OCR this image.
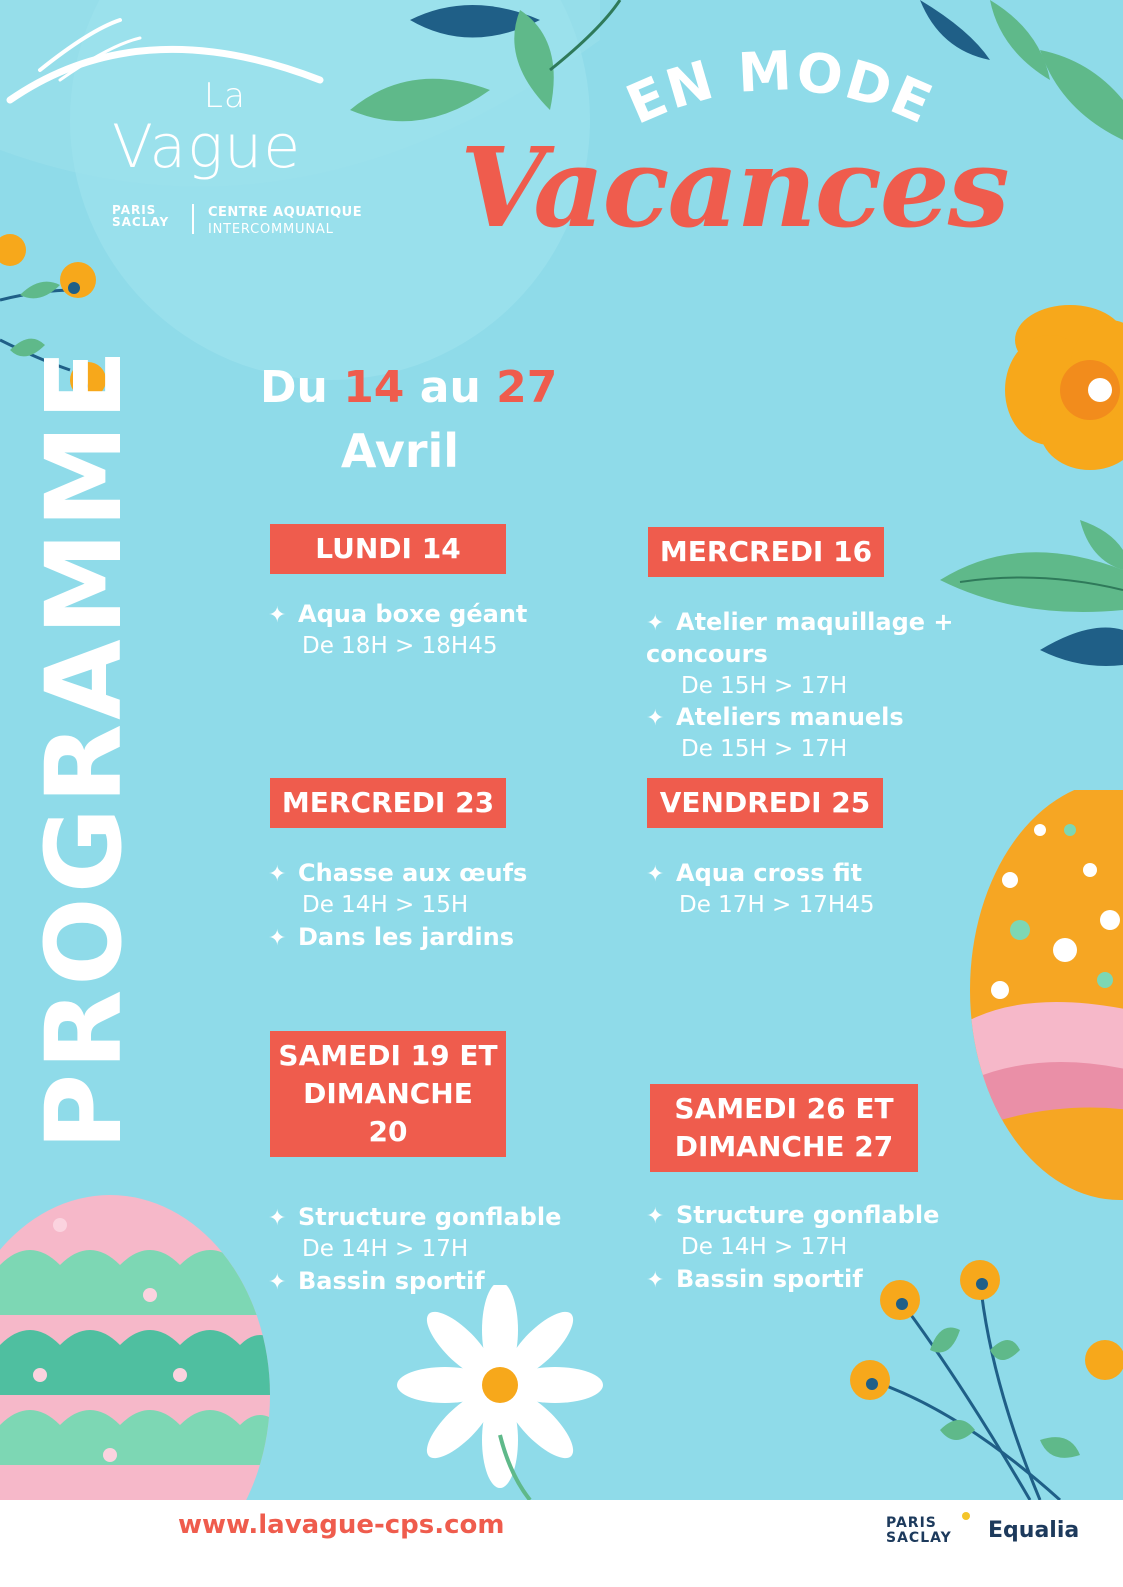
La
Vague
PARIS
SACLAY
CENTRE AQUATIQUE
INTERCOMMUNAL
EN MODE
Vacances
Du 14 au 27
Avril
PROGRAMME	LUNDI 14
✦ Aqua boxe géant
De 18H > 18H45
MERCREDI 16
✦ Atelier maquillage +
concours
De 15H > 17H
✦ Ateliers manuels
De 15H > 17H
MERCREDI 23
✦ Chasse aux œufs
De 14H > 15H
✦ Dans les jardins
VENDREDI 25
✦ Aqua cross fit
De 17H > 17H45
SAMEDI 19 ET
DIMANCHE
20
✦ Structure gonflable
De 14H > 17H
✦ Bassin sportif
SAMEDI 26 ET
DIMANCHE 27
✦ Structure gonflable
De 14H > 17H
✦ Bassin sportif
www.lavague-cps.com	PARIS
SACLAY Equalia
